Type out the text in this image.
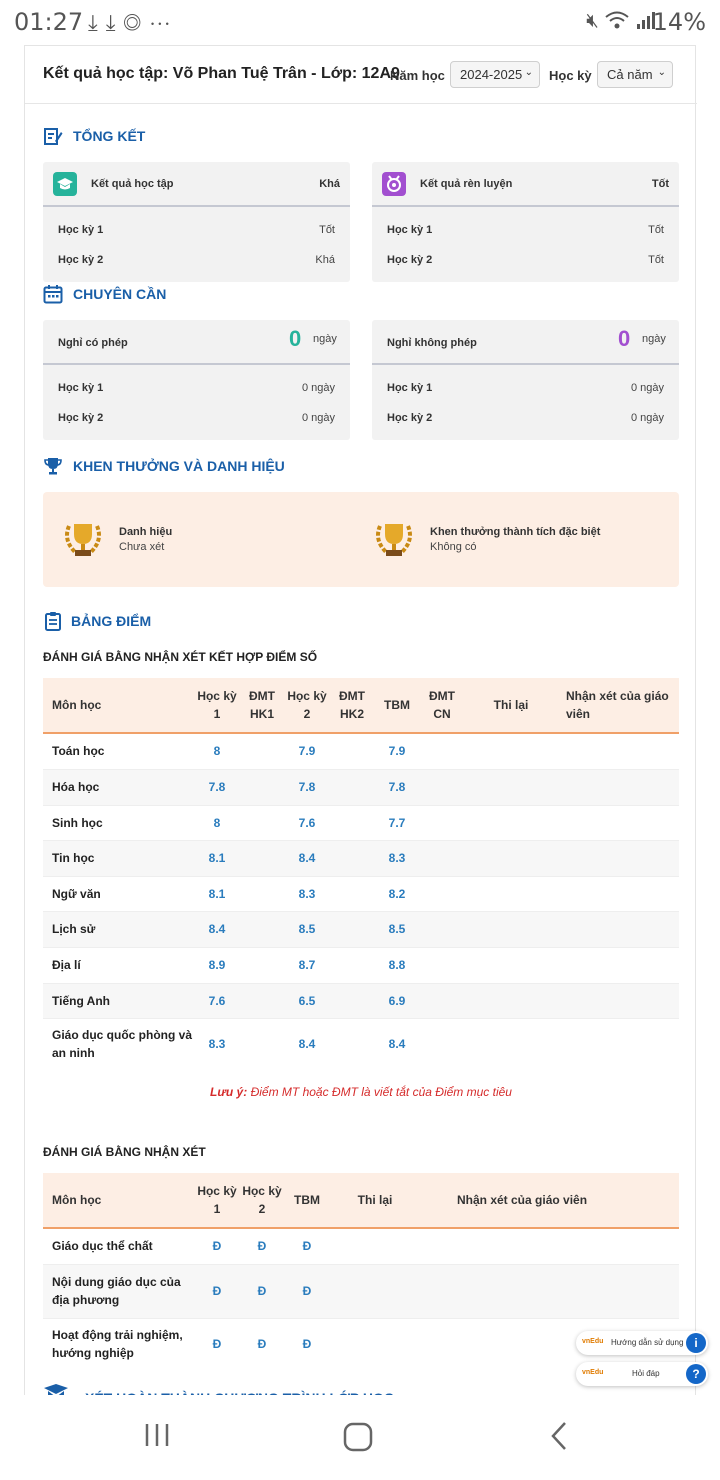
01:27 ⤓⤓◎⋯	🔇︎	14%
Kết quả học tập: Võ Phan Tuệ Trân - Lớp: 12A9
Năm học	2024-2025 ⌄ Học kỳ	Cả năm ⌄
TỔNG KẾT
Kết quả học tập	Khá
Học kỳ 1	Tốt
Học kỳ 2	Khá
Kết quả rèn luyện	Tốt
Học kỳ 1	Tốt
Học kỳ 2	Tốt
CHUYÊN CẦN
Nghỉ có phép	0 ngày
Học kỳ 1	0 ngày
Học kỳ 2	0 ngày
Nghỉ không phép	0 ngày
Học kỳ 1	0 ngày
Học kỳ 2	0 ngày
KHEN THƯỞNG VÀ DANH HIỆU
Danh hiệu
Chưa xét
Khen thưởng thành tích đặc biệt
Không có
BẢNG ĐIỂM
ĐÁNH GIÁ BẰNG NHẬN XÉT KẾT HỢP ĐIỂM SỐ
Môn học	Học kỳ 1	ĐMT HK1	Học kỳ 2	ĐMT HK2	TBM	ĐMT CN	Thi lại	Nhận xét của giáo viên
Toán học	8		7.9		7.9			
Hóa học	7.8		7.8		7.8			
Sinh học	8		7.6		7.7			
Tin học	8.1		8.4		8.3			
Ngữ văn	8.1		8.3		8.2			
Lịch sử	8.4		8.5		8.5			
Địa lí	8.9		8.7		8.8			
Tiếng Anh	7.6		6.5		6.9			
Giáo dục quốc phòng và an ninh	8.3		8.4		8.4			
Lưu ý: Điểm MT hoặc ĐMT là viết tắt của Điểm mục tiêu
ĐÁNH GIÁ BẰNG NHẬN XÉT
Môn học	Học kỳ 1	Học kỳ 2	TBM	Thi lại	Nhận xét của giáo viên
Giáo dục thể chất	Đ	Đ	Đ		
Nội dung giáo dục của địa phương	Đ	Đ	Đ		
Hoạt động trải nghiệm, hướng nghiệp	Đ	Đ	Đ			vnEdu Hướng dẫn sử dụng i
vnEdu	Hỏi đáp	?
